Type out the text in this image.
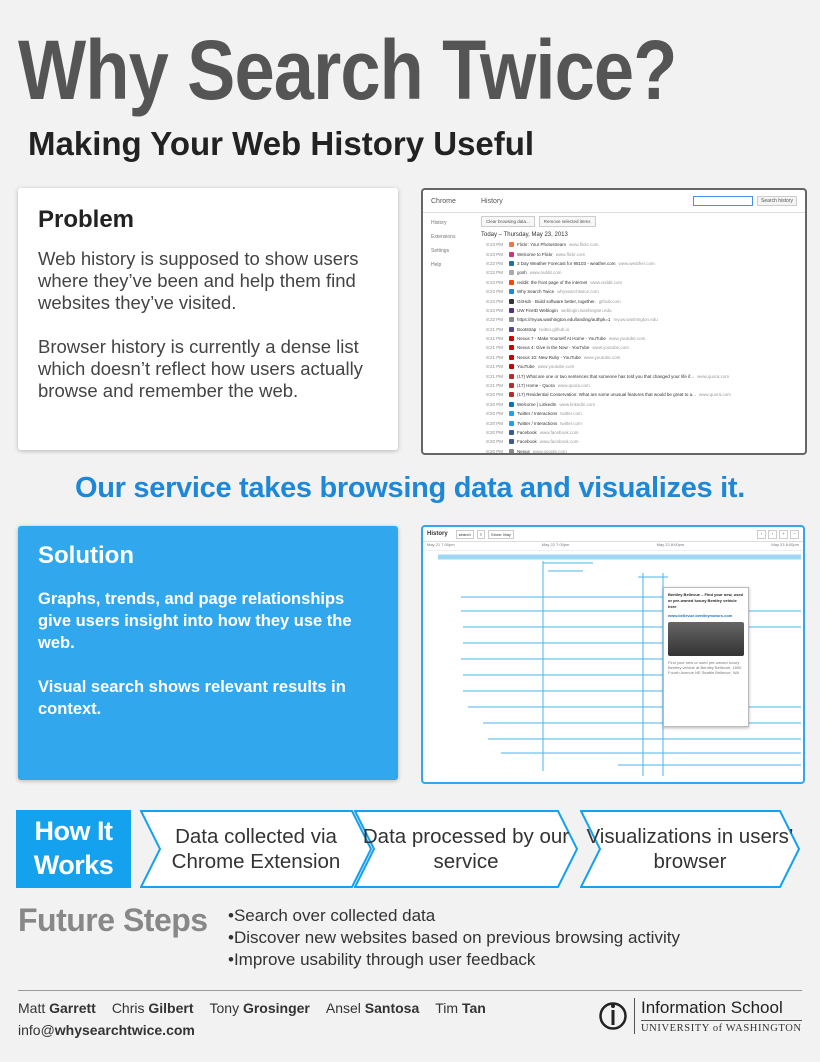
Why Search Twice?
Making Your Web History Useful
Problem

Web history is supposed to show users where they’ve been and help them find websites they’ve visited.

Browser history is currently a dense list which doesn’t reflect how users actually browse and remember the web.

Chrome	History	Search history
History
Extensions
Settings
Help
Clear browsing data...	Remove selected items
Today – Thursday, May 23, 2013
8:23 PM	Flickr: Your Photostream www.flickr.com
8:23 PM	Welcome to Flickr www.flickr.com
8:22 PM	3 Day Weather Forecast for 98103 - weather.com www.weather.com
8:22 PM	gosh www.reddit.com
8:22 PM	reddit: the front page of the internet www.reddit.com
8:22 PM	Why Search Twice whysearchtwice.com
8:22 PM	GitHub · Build software better, together. github.com
8:22 PM	UW FireID Weblogin weblogin.washington.edu
8:22 PM	https://myuw.washington.edu/landing/authpk=1 myuw.washington.edu
8:21 PM	Bootstrap twitter.github.io
8:21 PM	Nexus 7 - Make Yourself At Home - YouTube www.youtube.com
8:21 PM	Nexus 4: Give in the Now - YouTube www.youtube.com
8:21 PM	Nexus 10: New Ruby - YouTube www.youtube.com
8:21 PM	YouTube www.youtube.com
8:21 PM	(17) What are one or two sentences that someone has told you that changed your life if... www.quora.com
8:21 PM	(17) Home - Quora www.quora.com
8:20 PM	(17) Residential Conservation: What are some unusual features that would be great to a... www.quora.com
8:20 PM	Welcome | LinkedIn www.linkedin.com
8:20 PM	Twitter / Interactions twitter.com
8:20 PM	Twitter / Interactions twitter.com
8:20 PM	Facebook www.facebook.com
8:20 PM	Facebook www.facebook.com
8:20 PM	Nexus www.google.com
Our service takes browsing data and visualizes it.
Solution

Graphs, trends, and page relationships give users insight into how they use the web.

Visual search shows relevant results in context.

History	search	≡	Since: May	‹	›	+	−
May 21 7:00pm	May 22 7:00pm	May 22 8:00pm	May 23 8:00pm
Bentley Bellevue – Find your new, used or pre-owned luxury Bentley vehicle here
www.bellevue.bentleymotors.com
Find your new or used pre-owned luxury Bentley vehicle at Bentley Bellevue, 1600 Fourth Avenue NE Seattle Bellevue, WA
How It Works
Data collected via Chrome Extension
Data processed by our service
Visualizations in users’ browser
Future Steps
•	Search over collected data
• Discover new websites based on previous browsing activity
• Improve usability through user feedback
Matt Garrett Chris Gilbert Tony Grosinger Ansel Santosa Tim Tan
info@whysearchtwice.com
Information School
UNIVERSITY of WASHINGTON
